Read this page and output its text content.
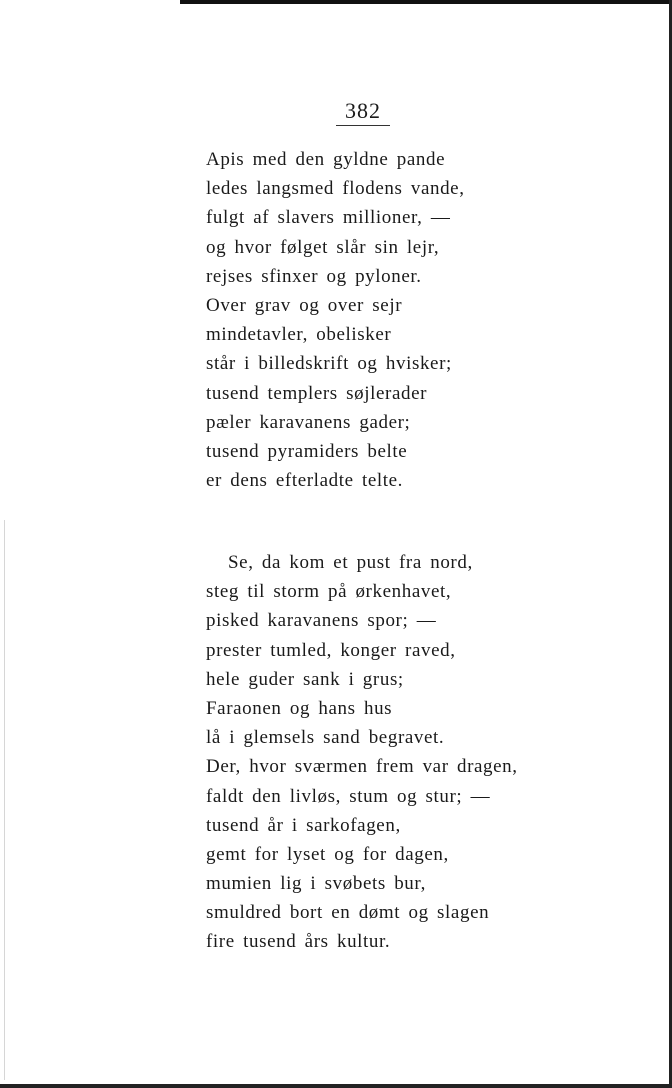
382
Apis med den gyldne pande
ledes langsmed flodens vande,
fulgt af slavers millioner, —
og hvor følget slår sin lejr,
rejses sfinxer og pyloner.
Over grav og over sejr
mindetavler, obelisker
står i billedskrift og hvisker;
tusend templers søjlerader
pæler karavanens gader;
tusend pyramiders belte
er dens efterladte telte.
Se, da kom et pust fra nord,
steg til storm på ørkenhavet,
pisked karavanens spor; —
prester tumled, konger raved,
hele guder sank i grus;
Faraonen og hans hus
lå i glemsels sand begravet.
Der, hvor sværmen frem var dragen,
faldt den livløs, stum og stur; —
tusend år i sarkofagen,
gemt for lyset og for dagen,
mumien lig i svøbets bur,
smuldred bort en dømt og slagen
fire tusend års kultur.
